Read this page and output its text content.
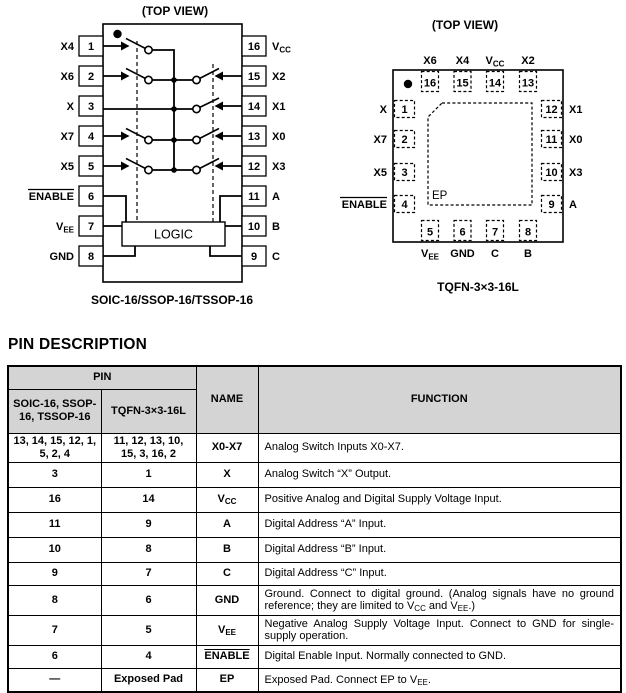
(TOP VIEW)
1
X4
2
X6
3
X
4
X7
5
X5
6
ENABLE
7
$V_{EE}$
8
GND
16 $V_{CC}$
15 X2
14 X1
13 X0
12 X3
11 A
10 B
9 C
LOGIC
SOIC-16/SSOP-16/TSSOP-16
(TOP VIEW)
EP
X6
16
X4
15
$V_{CC}$
14
X2
13
X 1
X7 2
X5 3
ENABLE 4
12 X1
11 X0
10 X3
9 A
5
$V_{EE}$
6
GND
7
C
8
B
TQFN-3×3-16L
PIN DESCRIPTION
PIN		NAME	FUNCTION
SOIC-16, SSOP-16, TSSOP-16	TQFN-3×3-16L		
13, 14, 15, 12, 1, 5, 2, 4	11, 12, 13, 10, 15, 3, 16, 2	X0-X7	Analog Switch Inputs X0-X7.
3	1	X	Analog Switch “X” Output.
16	14	$V_{CC}$	Positive Analog and Digital Supply Voltage Input.
11	9	A	Digital Address “A” Input.
10	8	B	Digital Address “B” Input.
9	7	C	Digital Address “C” Input.
8	6	GND	Ground. Connect to digital ground. (Analog signals have no ground reference; they are limited to $V_{CC}$ and $V_{EE}$.)
7	5	$V_{EE}$	Negative Analog Supply Voltage Input. Connect to GND for single-supply operation.
6	4	ENABLE	Digital Enable Input. Normally connected to GND.
—	Exposed Pad	EP	Exposed Pad. Connect EP to $V_{EE}$.
